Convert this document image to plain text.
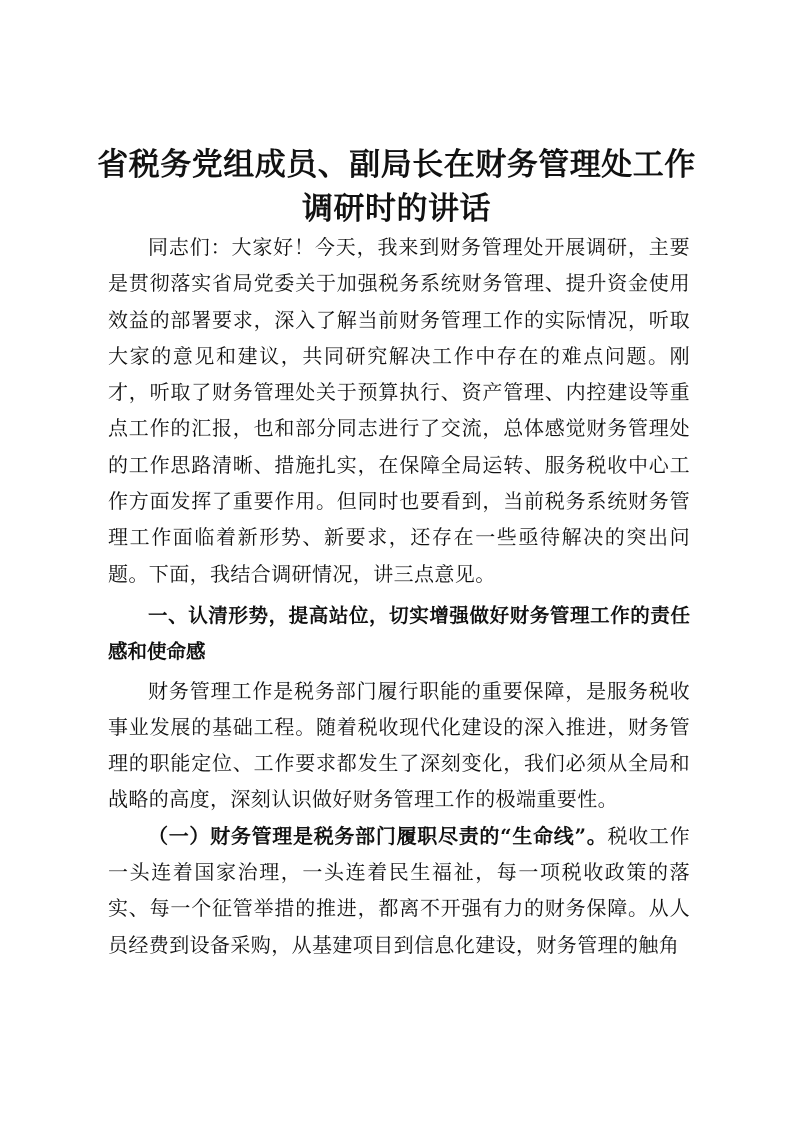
省税务党组成员、副局长在财务管理处工作调研时的讲话

同志们：大家好！今天，我来到财务管理处开展调研，主要是贯彻落实省局党委关于加强税务系统财务管理、提升资金使用效益的部署要求，深入了解当前财务管理工作的实际情况，听取大家的意见和建议，共同研究解决工作中存在的难点问题。刚才，听取了财务管理处关于预算执行、资产管理、内控建设等重点工作的汇报，也和部分同志进行了交流，总体感觉财务管理处的工作思路清晰、措施扎实，在保障全局运转、服务税收中心工作方面发挥了重要作用。但同时也要看到，当前税务系统财务管理工作面临着新形势、新要求，还存在一些亟待解决的突出问题。下面，我结合调研情况，讲三点意见。

一、认清形势，提高站位，切实增强做好财务管理工作的责任感和使命感

财务管理工作是税务部门履行职能的重要保障，是服务税收事业发展的基础工程。随着税收现代化建设的深入推进，财务管理的职能定位、工作要求都发生了深刻变化，我们必须从全局和战略的高度，深刻认识做好财务管理工作的极端重要性。

（一）财务管理是税务部门履职尽责的“生命线”。税收工作一头连着国家治理，一头连着民生福祉，每一项税收政策的落实、每一个征管举措的推进，都离不开强有力的财务保障。从人员经费到设备采购，从基建项目到信息化建设，财务管理的触角
